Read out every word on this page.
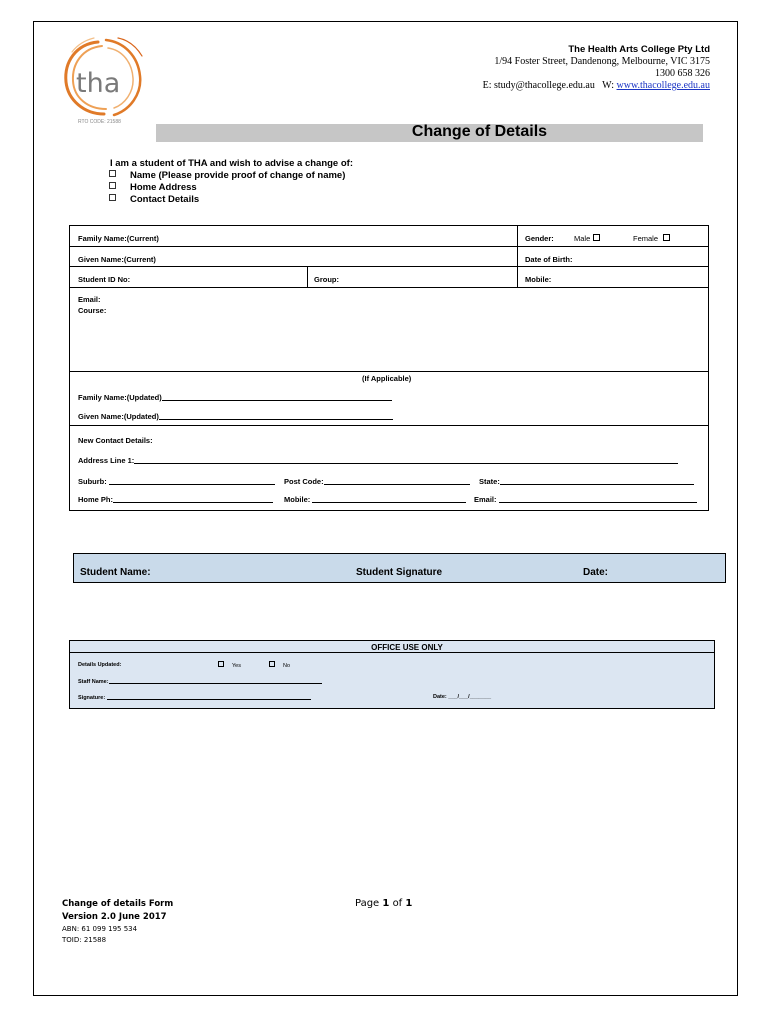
tha
RTO CODE: 21588
The Health Arts College Pty Ltd
1/94 Foster Street, Dandenong, Melbourne, VIC 3175
1300 658 326
E: study@thacollege.edu.au W: www.thacollege.edu.au
Change of Details
I am a student of THA and wish to advise a change of:
Name (Please provide proof of change of name)
Home Address
Contact Details
Family Name:(Current)	Gender:	Male	Female
Given Name:(Current)	Date of Birth:
Student ID No:	Group:	Mobile:
Email:
Course:
(If Applicable)
Family Name:(Updated)
Given Name:(Updated)
New Contact Details:
Address Line 1:
Suburb:	Post Code:	State:
Home Ph:	Mobile:	Email:
Student Name:	Student Signature	Date:
OFFICE USE ONLY
Details Updated:	Yes	No
Staff Name:
Signature:	Date: ___/___/_______
Change of details Form
Version 2.0 June 2017
ABN: 61 099 195 534
TOID: 21588
Page 1 of 1
